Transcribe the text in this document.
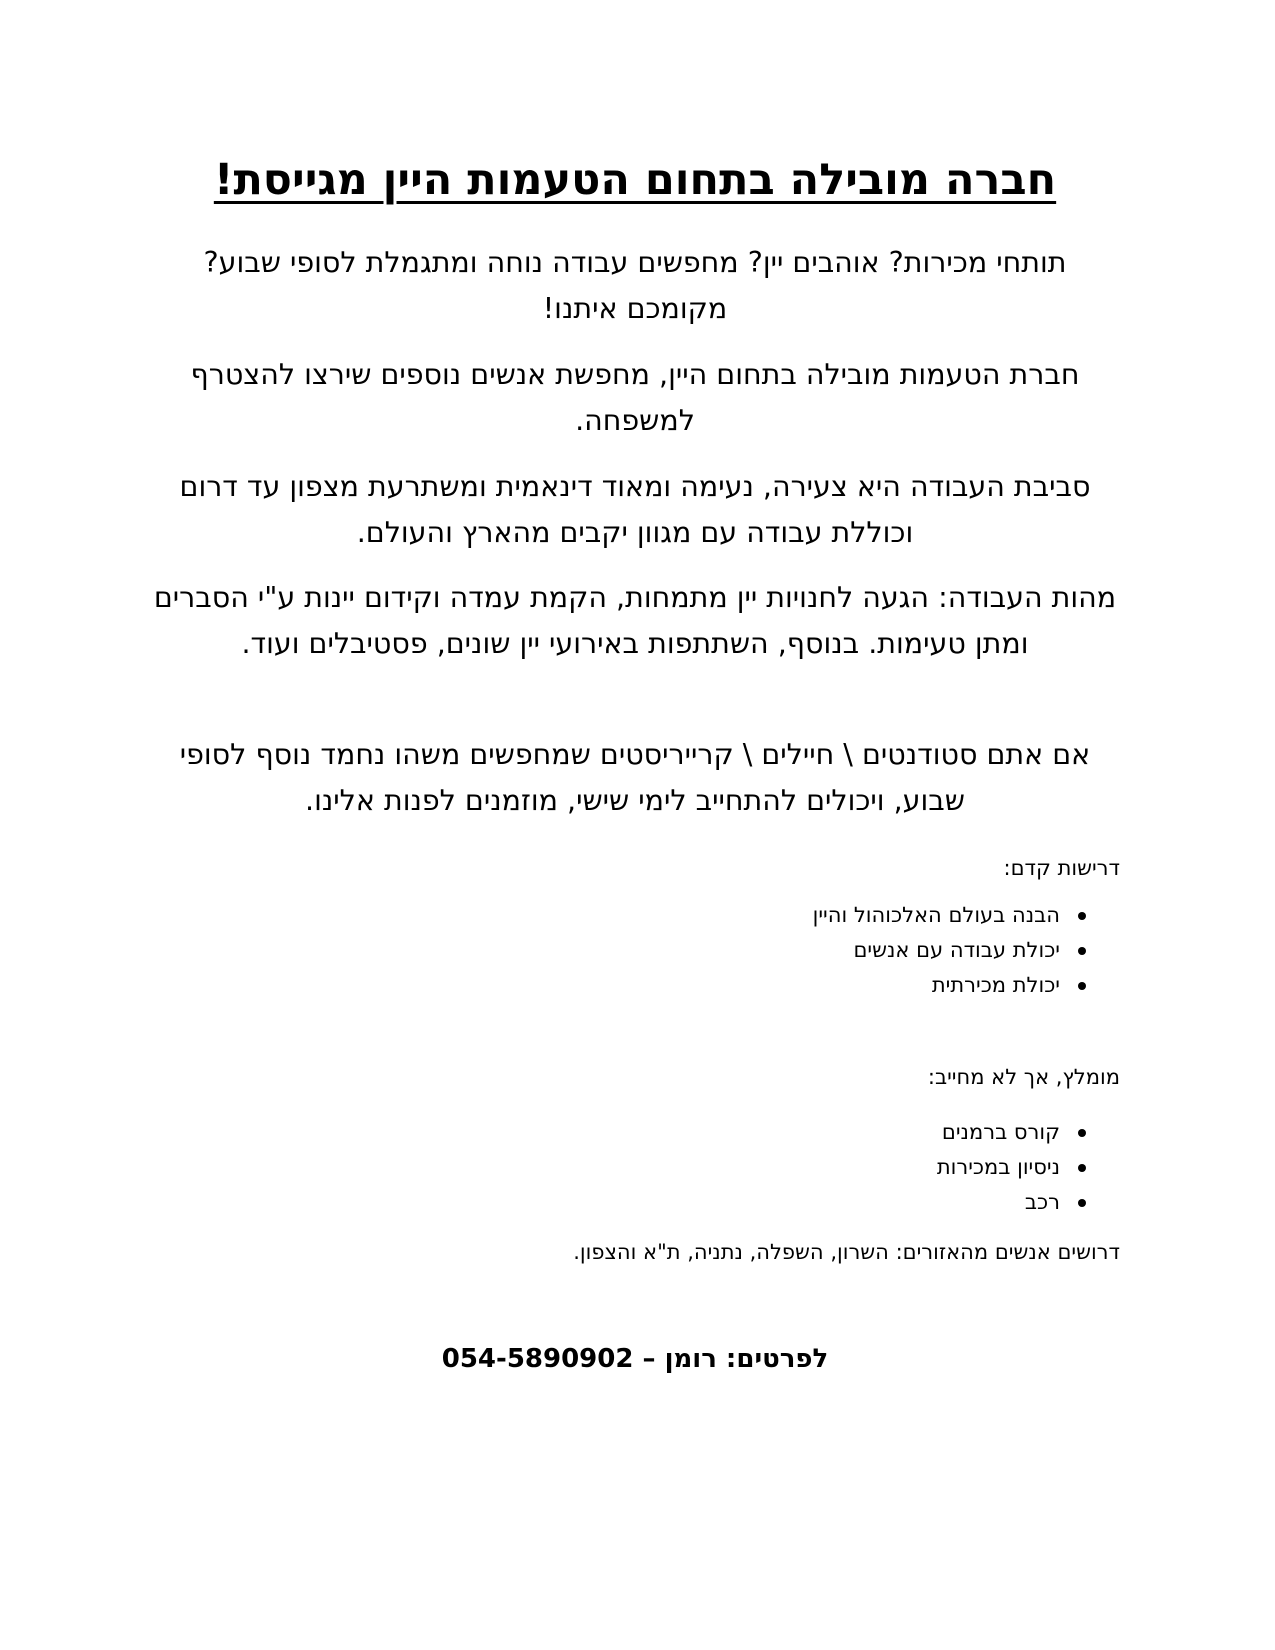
חברה מובילה בתחום הטעמות היין מגייסת!

תותחי מכירות? אוהבים יין? מחפשים עבודה נוחה ומתגמלת לסופי שבוע? מקומכם איתנו!

חברת הטעמות מובילה בתחום היין, מחפשת אנשים נוספים שירצו להצטרף למשפחה.

סביבת העבודה היא צעירה, נעימה ומאוד דינאמית ומשתרעת מצפון עד דרום וכוללת עבודה עם מגוון יקבים מהארץ והעולם.

מהות העבודה: הגעה לחנויות יין מתמחות, הקמת עמדה וקידום יינות ע"י הסברים ומתן טעימות. בנוסף, השתתפות באירועי יין שונים, פסטיבלים ועוד.

אם אתם סטודנטים \ חיילים \ קרייריסטים שמחפשים משהו נחמד נוסף לסופי שבוע, ויכולים להתחייב לימי שישי, מוזמנים לפנות אלינו.

דרישות קדם:

הבנה בעולם האלכוהול והיין
יכולת עבודה עם אנשים
יכולת מכירתית

מומלץ, אך לא מחייב:

קורס ברמנים
ניסיון במכירות
רכב

דרושים אנשים מהאזורים: השרון, השפלה, נתניה, ת"א והצפון.

לפרטים: רומן – 054-5890902
